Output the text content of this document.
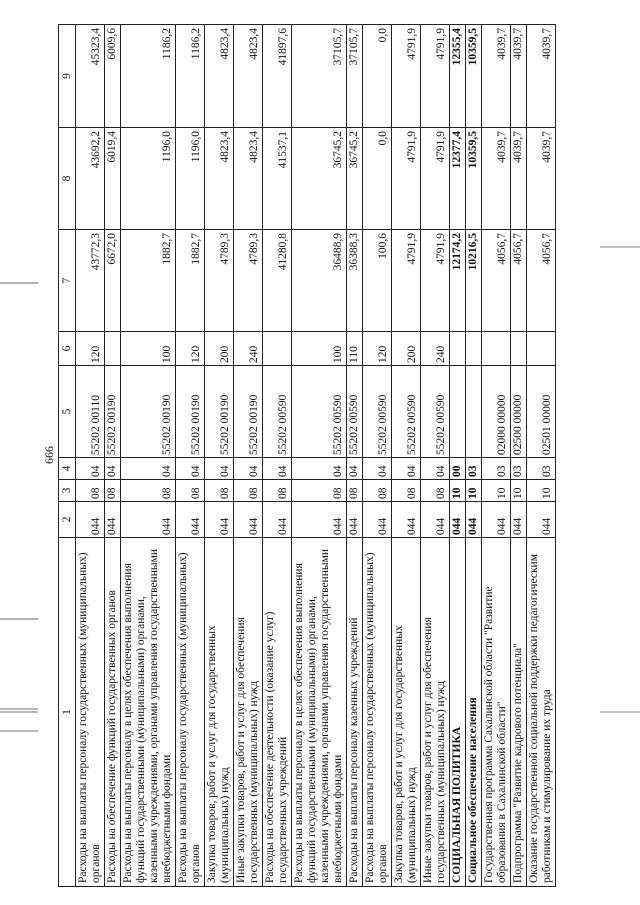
666
1	2	3	4	5	6	7	8	9
Расходы на выплаты персоналу государственных (муниципальных) органов	044	08	04	55202 00110	120	43772,3	43692,2	45323,4
Расходы на обеспечение функций государственных органов	044	08	04	55202 00190		6672,0	6019,4	6009,6
Расходы на выплаты персоналу в целях обеспечения выполнения функций государственными (муниципальными) органами, казенными учреждениями, органами управления государственными внебюджетными фондами	044	08	04	55202 00190	100	1882,7	1196,0	1186,2
Расходы на выплаты персоналу государственных (муниципальных) органов	044	08	04	55202 00190	120	1882,7	1196,0	1186,2
Закупка товаров, работ и услуг для государственных (муниципальных) нужд	044	08	04	55202 00190	200	4789,3	4823,4	4823,4
Иные закупки товаров, работ и услуг для обеспечения государственных (муниципальных) нужд	044	08	04	55202 00190	240	4789,3	4823,4	4823,4
Расходы на обеспечение деятельности (оказание услуг) государственных учреждений	044	08	04	55202 00590		41280,8	41537,1	41897,6
Расходы на выплаты персоналу в целях обеспечения выполнения функций государственными (муниципальными) органами, казенными учреждениями, органами управления государственными внебюджетными фондами	044	08	04	55202 00590	100	36488,9	36745,2	37105,7
Расходы на выплаты персоналу казенных учреждений	044	08	04	55202 00590	110	36388,3	36745,2	37105,7
Расходы на выплаты персоналу государственных (муниципальных) органов	044	08	04	55202 00590	120	100,6	0,0	0,0
Закупка товаров, работ и услуг для государственных (муниципальных) нужд	044	08	04	55202 00590	200	4791,9	4791,9	4791,9
Иные закупки товаров, работ и услуг для обеспечения государственных (муниципальных) нужд	044	08	04	55202 00590	240	4791,9	4791,9	4791,9
СОЦИАЛЬНАЯ ПОЛИТИКА	044	10	00			12174,2	12377,4	12355,4
Социальное обеспечение населения	044	10	03			10216,5	10359,5	10359,5
Государственная программа Сахалинской области "Развитие образования в Сахалинской области"	044	10	03	02000 00000		4056,7	4039,7	4039,7
Подпрограмма "Развитие кадрового потенциала"	044	10	03	02500 00000		4056,7	4039,7	4039,7
Оказание государственной социальной поддержки педагогическим работникам и стимулирование их труда	044	10	03	02501 00000		4056,7	4039,7	4039,7
